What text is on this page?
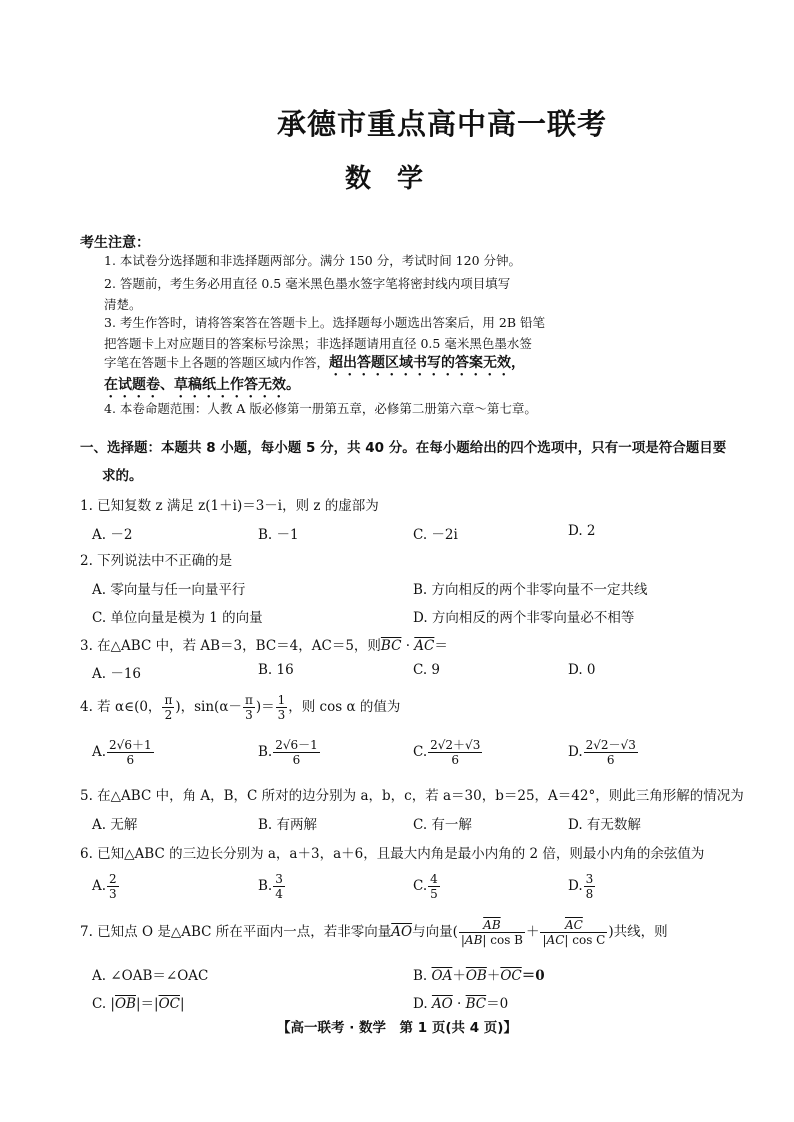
承德市重点高中高一联考
数学
考生注意：
1. 本试卷分选择题和非选择题两部分。满分 150 分，考试时间 120 分钟。
2. 答题前，考生务必用直径 0.5 毫米黑色墨水签字笔将密封线内项目填写
清楚。
3. 考生作答时，请将答案答在答题卡上。选择题每小题选出答案后，用 2B 铅笔
把答题卡上对应题目的答案标号涂黑；非选择题请用直径 0.5 毫米黑色墨水签
字笔在答题卡上各题的答题区域内作答，超出答题区域书写的答案无效，
在试题卷、草稿纸上作答无效。
4. 本卷命题范围：人教 A 版必修第一册第五章，必修第二册第六章～第七章。
一、选择题：本题共 8 小题，每小题 5 分，共 40 分。在每小题给出的四个选项中，只有一项是符合题目要
求的。
1. 已知复数 z 满足 z(1＋i)＝3－i，则 z 的虚部为
A. －2	B. －1	C. －2i	D. 2
2. 下列说法中不正确的是
A. 零向量与任一向量平行	B. 方向相反的两个非零向量不一定共线
C. 单位向量是模为 1 的向量	D. 方向相反的两个非零向量必不相等
3. 在△ABC 中，若 AB＝3，BC＝4，AC＝5，则$\overline{BC} \cdot \overline{AC}=$
A. －16	B. 16	C. 9	D. 0
4. 若 α∈(0， $\frac{\pi}{2}$ )，$\sin(\alpha- \frac{\pi}{3}$ )＝ $\frac{1}{3}$ ，则 cos α 的值为
A. $\frac{2√6+1}{6}$	B. $\frac{2√6-1}{6}$	C. $\frac{2√2+√3}{6}$	D. $\frac{2√2-√3}{6}$
5. 在△ABC 中，角 A，B，C 所对的边分别为 a，b，c，若 a＝30，b＝25，A＝42°，则此三角形解的情况为
A. 无解	B. 有两解	C. 有一解	D. 有无数解
6. 已知△ABC 的三边长分别为 a，a＋3，a＋6，且最大内角是最小内角的 2 倍，则最小内角的余弦值为
A. $\frac{2}{3}$	B. $\frac{3}{4}$	C. $\frac{4}{5}$	D. $\frac{3}{8}$
7. 已知点 O 是△ABC 所在平面内一点，若非零向量$\overline{AO}$与向量( $\frac{\overline{AB}}{|\overline{AB}| \cos B} + \frac{\overline{AC}}{|\overline{AC}| \cos C}$ )共线，则
A. ∠OAB＝∠OAC	B. $\overline{OA}+\overline{OB}+\overline{OC}=0$
C. $|\overline{OB}|=|\overline{OC}|$	D. $\overline{AO} \cdot \overline{BC}=0$
【高一联考 · 数学　第 1 页(共 4 页)】
